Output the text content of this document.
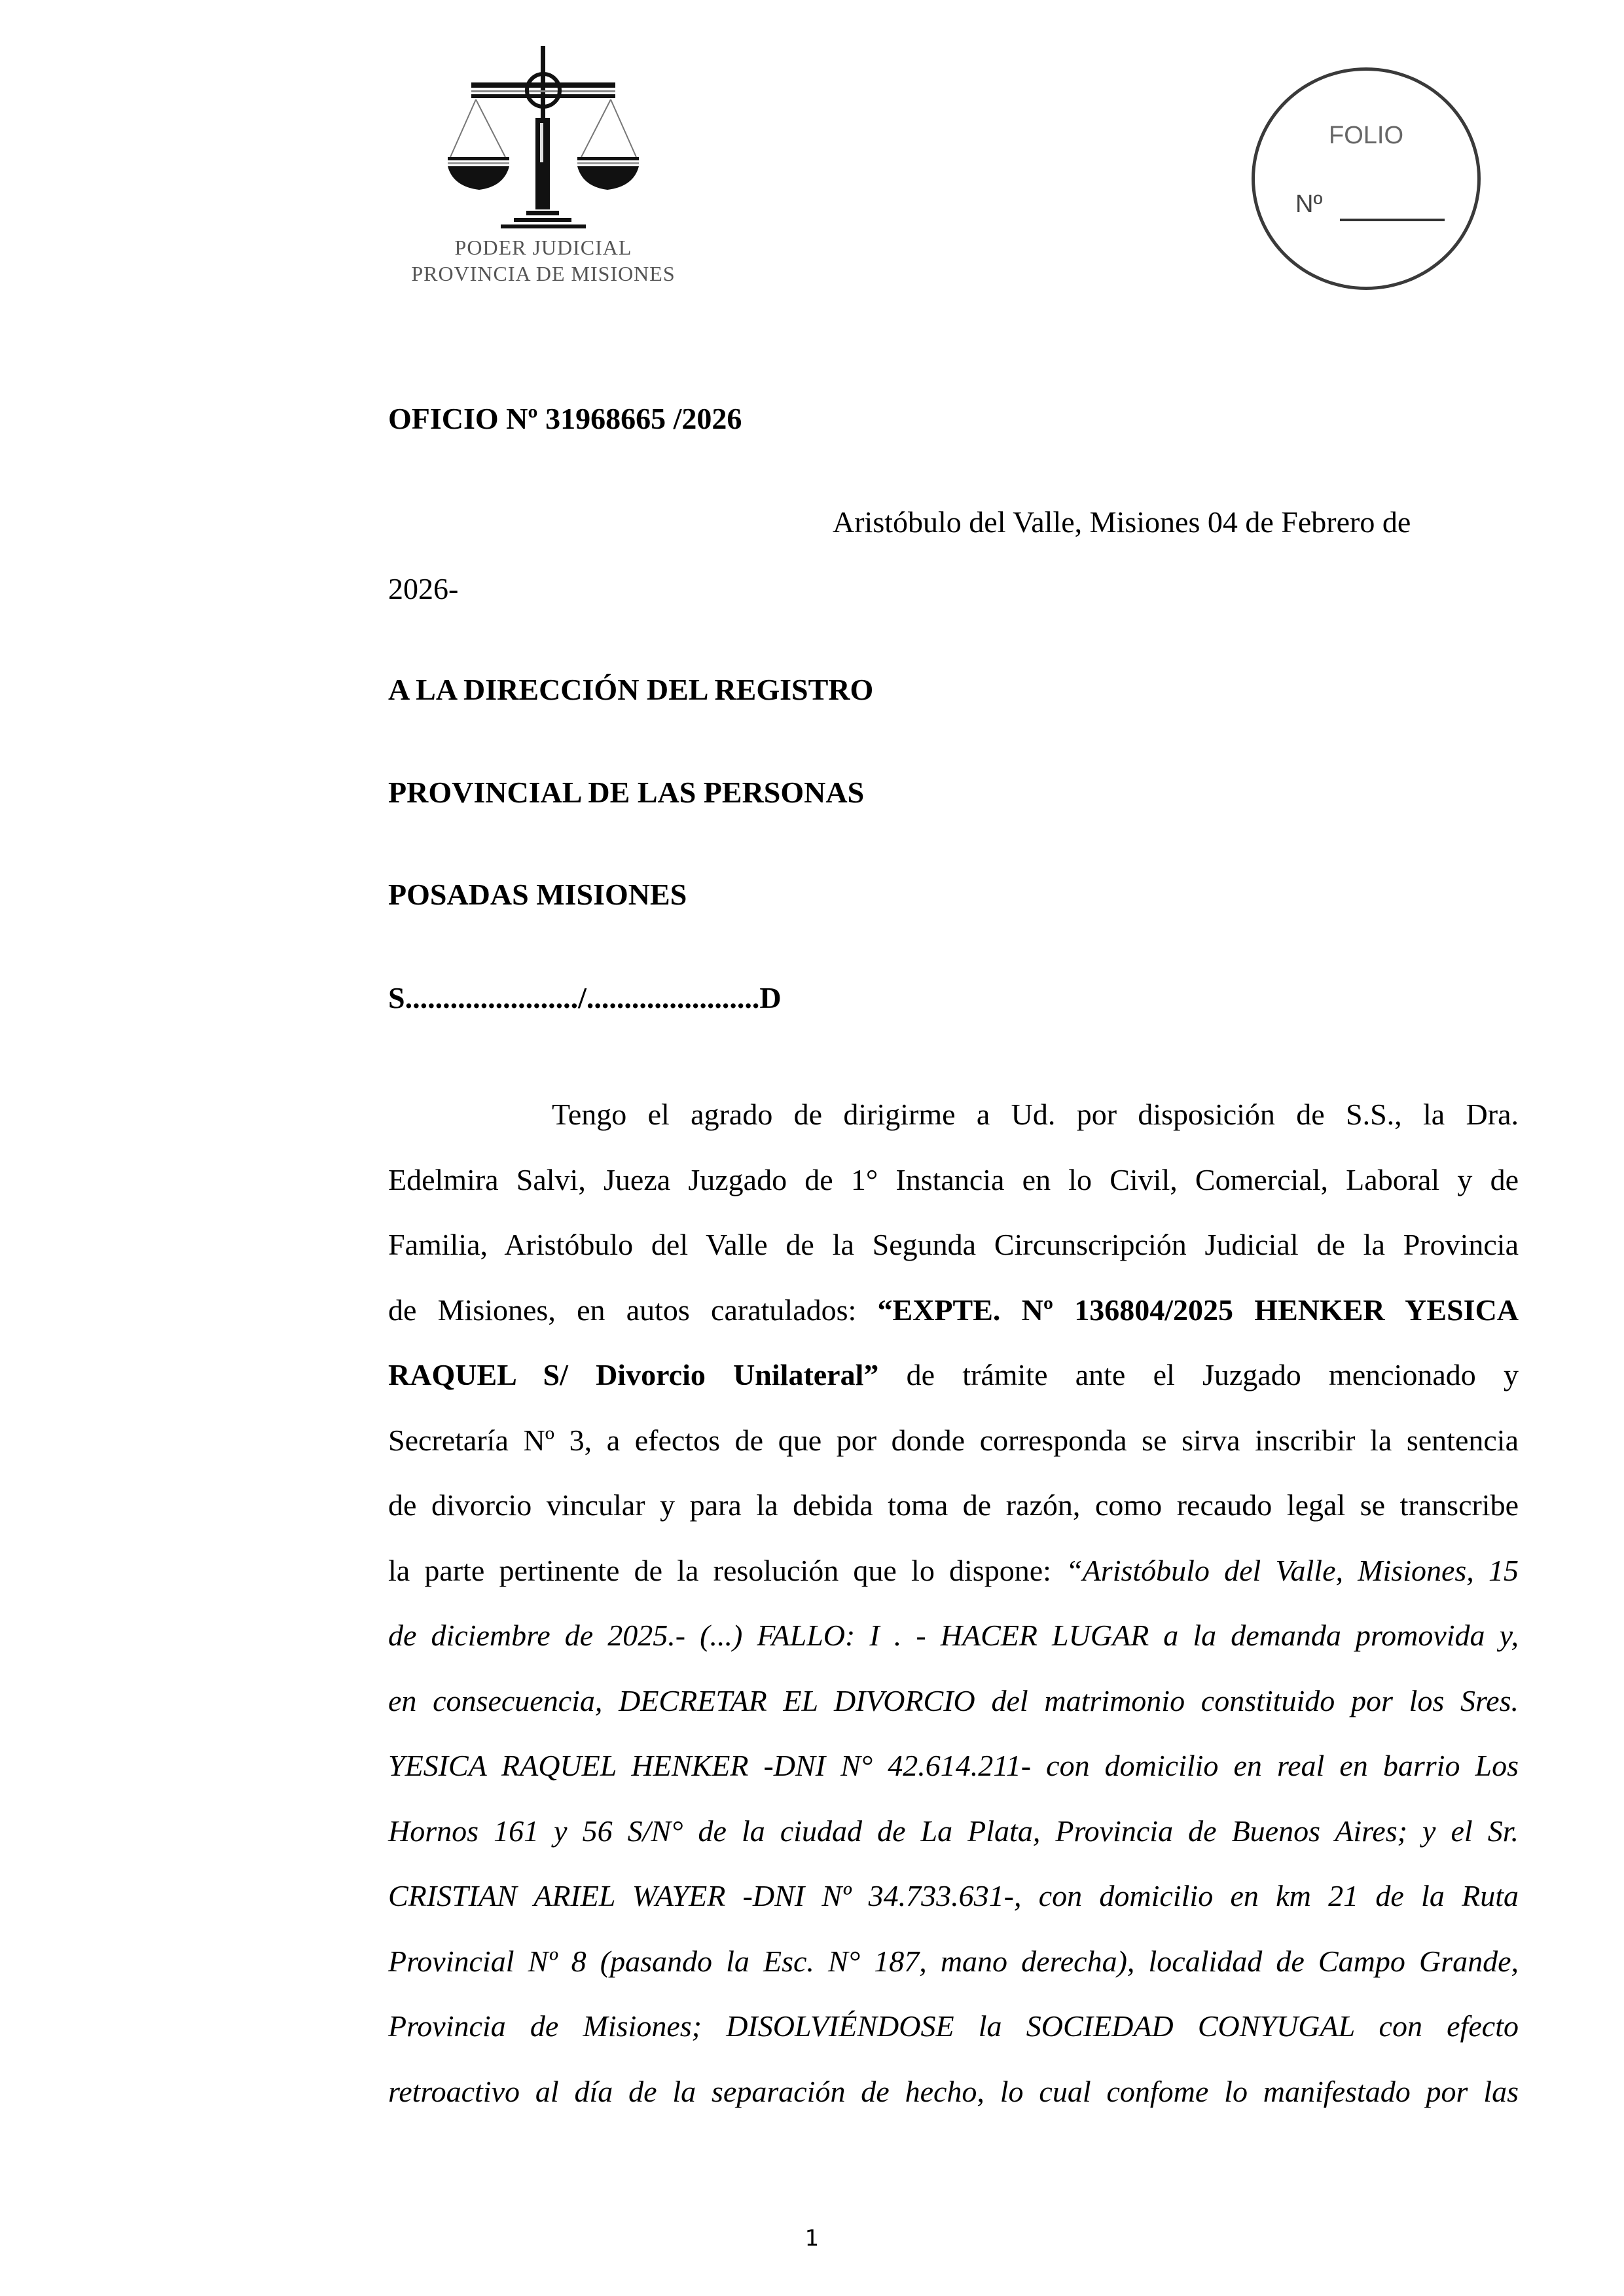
PODER JUDICIAL
PROVINCIA DE MISIONES
FOLIO
Nº
OFICIO Nº 31968665 /2026
Aristóbulo del Valle, Misiones 04 de Febrero de
2026-
A LA DIRECCIÓN DEL REGISTRO
PROVINCIAL DE LAS PERSONAS
POSADAS MISIONES
S......................./.......................D
Tengo el agrado de dirigirme a Ud. por disposición de S.S., la Dra.
Edelmira Salvi, Jueza Juzgado de 1° Instancia en lo Civil, Comercial, Laboral y de
Familia, Aristóbulo del Valle de la Segunda Circunscripción Judicial de la Provincia
de Misiones, en autos caratulados: “EXPTE. Nº 136804/2025 HENKER YESICA
RAQUEL S/ Divorcio Unilateral” de trámite ante el Juzgado mencionado y
Secretaría Nº 3, a efectos de que por donde corresponda se sirva inscribir la sentencia
de divorcio vincular y para la debida toma de razón, como recaudo legal se transcribe
la parte pertinente de la resolución que lo dispone: “Aristóbulo del Valle, Misiones, 15
de diciembre de 2025.- (...) FALLO: I . - HACER LUGAR a la demanda promovida y,
en consecuencia, DECRETAR EL DIVORCIO del matrimonio constituido por los Sres.
YESICA RAQUEL HENKER -DNI N° 42.614.211- con domicilio en real en barrio Los
Hornos 161 y 56 S/N° de la ciudad de La Plata, Provincia de Buenos Aires; y el Sr.
CRISTIAN ARIEL WAYER -DNI Nº 34.733.631-, con domicilio en km 21 de la Ruta
Provincial Nº 8 (pasando la Esc. N° 187, mano derecha), localidad de Campo Grande,
Provincia de Misiones; DISOLVIÉNDOSE la SOCIEDAD CONYUGAL con efecto
retroactivo al día de la separación de hecho, lo cual confome lo manifestado por las
1
